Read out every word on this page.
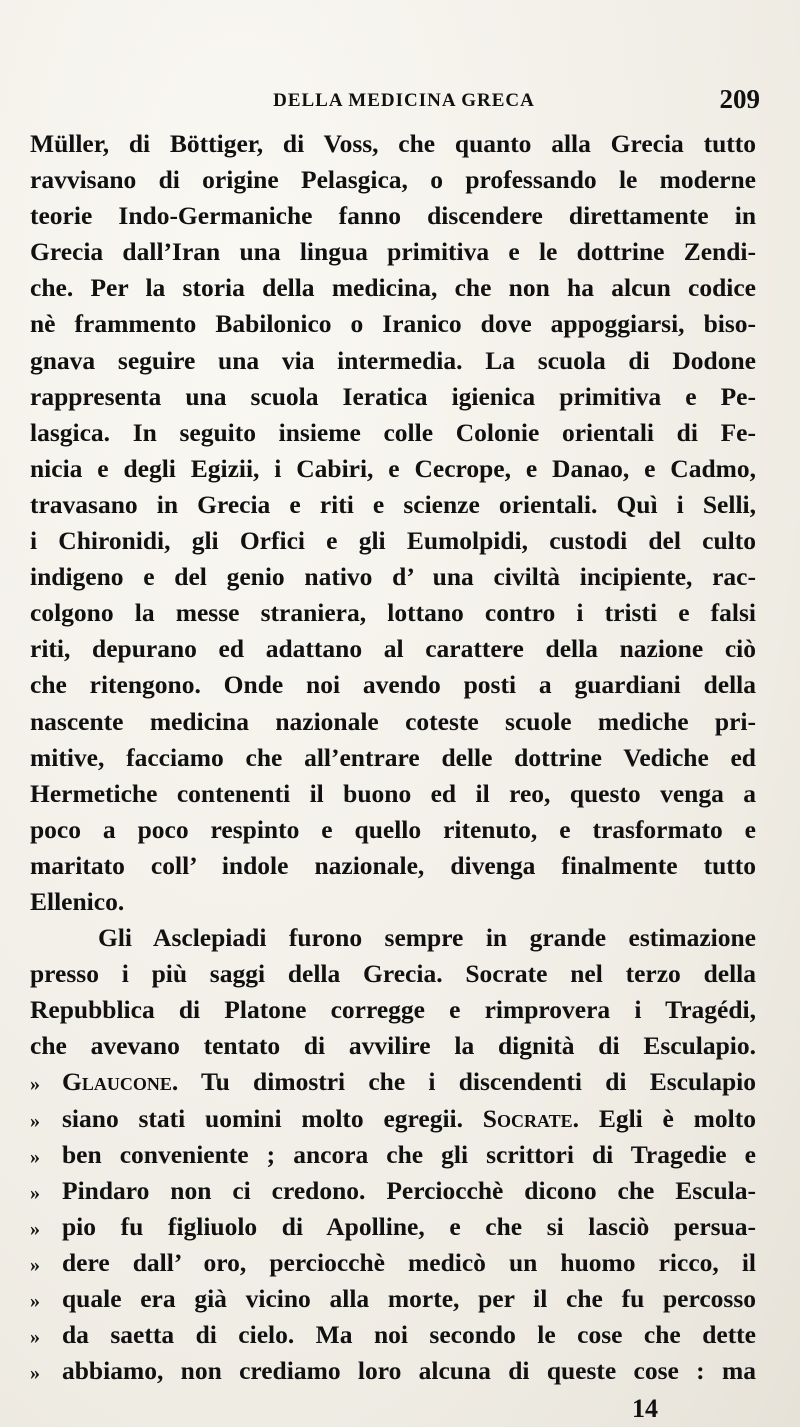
DELLA MEDICINA GRECA	209
Müller, di Böttiger, di Voss, che quanto alla Grecia tutto
ravvisano di origine Pelasgica, o professando le moderne
teorie Indo-Germaniche fanno discendere direttamente in
Grecia dall’Iran una lingua primitiva e le dottrine Zendi-
che. Per la storia della medicina, che non ha alcun codice
nè frammento Babilonico o Iranico dove appoggiarsi, biso-
gnava seguire una via intermedia. La scuola di Dodone
rappresenta una scuola Ieratica igienica primitiva e Pe-
lasgica. In seguito insieme colle Colonie orientali di Fe-
nicia e degli Egizii, i Cabiri, e Cecrope, e Danao, e Cadmo,
travasano in Grecia e riti e scienze orientali. Quì i Selli,
i Chironidi, gli Orfici e gli Eumolpidi, custodi del culto
indigeno e del genio nativo d’ una civiltà incipiente, rac-
colgono la messe straniera, lottano contro i tristi e falsi
riti, depurano ed adattano al carattere della nazione ciò
che ritengono. Onde noi avendo posti a guardiani della
nascente medicina nazionale coteste scuole mediche pri-
mitive, facciamo che all’entrare delle dottrine Vediche ed
Hermetiche contenenti il buono ed il reo, questo venga a
poco a poco respinto e quello ritenuto, e trasformato e
maritato coll’ indole nazionale, divenga finalmente tutto
Ellenico.
Gli Asclepiadi furono sempre in grande estimazione
presso i più saggi della Grecia. Socrate nel terzo della
Repubblica di Platone corregge e rimprovera i Tragédi,
che avevano tentato di avvilire la dignità di Esculapio.
» Glaucone. Tu dimostri che i discendenti di Esculapio
» siano stati uomini molto egregii. Socrate. Egli è molto
» ben conveniente ; ancora che gli scrittori di Tragedie e
» Pindaro non ci credono. Perciocchè dicono che Escula-
» pio fu figliuolo di Apolline, e che si lasciò persua-
» dere dall’ oro, perciocchè medicò un huomo ricco, il
» quale era già vicino alla morte, per il che fu percosso
» da saetta di cielo. Ma noi secondo le cose che dette
» abbiamo, non crediamo loro alcuna di queste cose : ma
14
